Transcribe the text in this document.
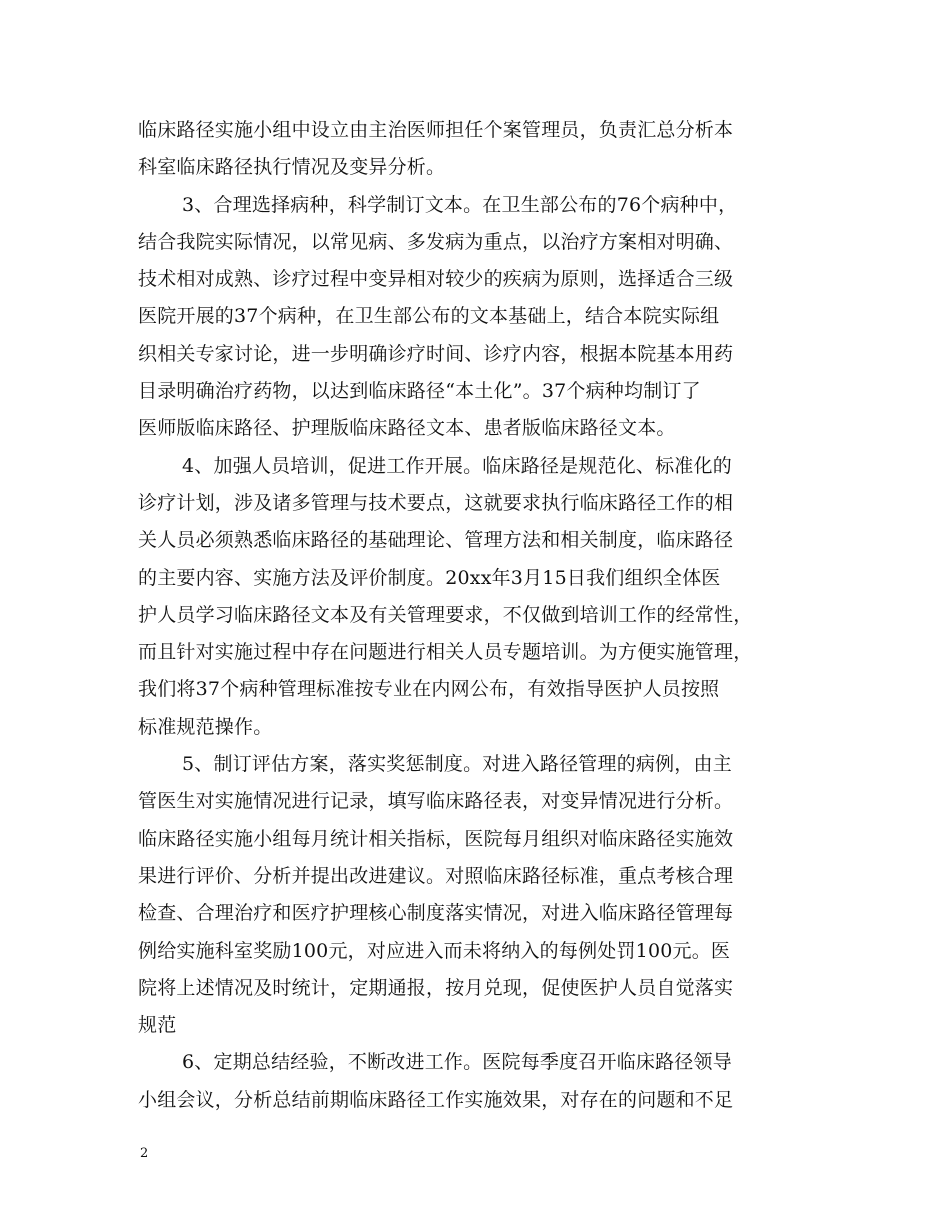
临床路径实施小组中设立由主治医师担任个案管理员，负责汇总分析本
科室临床路径执行情况及变异分析。
3、合理选择病种，科学制订文本。在卫生部公布的76个病种中，
结合我院实际情况，以常见病、多发病为重点，以治疗方案相对明确、
技术相对成熟、诊疗过程中变异相对较少的疾病为原则，选择适合三级
医院开展的37个病种，在卫生部公布的文本基础上，结合本院实际组
织相关专家讨论，进一步明确诊疗时间、诊疗内容，根据本院基本用药
目录明确治疗药物，以达到临床路径“本土化”。37个病种均制订了
医师版临床路径、护理版临床路径文本、患者版临床路径文本。
4、加强人员培训，促进工作开展。临床路径是规范化、标准化的
诊疗计划，涉及诸多管理与技术要点，这就要求执行临床路径工作的相
关人员必须熟悉临床路径的基础理论、管理方法和相关制度，临床路径
的主要内容、实施方法及评价制度。20xx年3月15日我们组织全体医
护人员学习临床路径文本及有关管理要求，不仅做到培训工作的经常性，
而且针对实施过程中存在问题进行相关人员专题培训。为方便实施管理，
我们将37个病种管理标准按专业在内网公布，有效指导医护人员按照
标准规范操作。
5、制订评估方案，落实奖惩制度。对进入路径管理的病例，由主
管医生对实施情况进行记录，填写临床路径表，对变异情况进行分析。
临床路径实施小组每月统计相关指标，医院每月组织对临床路径实施效
果进行评价、分析并提出改进建议。对照临床路径标准，重点考核合理
检查、合理治疗和医疗护理核心制度落实情况，对进入临床路径管理每
例给实施科室奖励100元，对应进入而未将纳入的每例处罚100元。医
院将上述情况及时统计，定期通报，按月兑现，促使医护人员自觉落实
规范
6、定期总结经验，不断改进工作。医院每季度召开临床路径领导
小组会议，分析总结前期临床路径工作实施效果，对存在的问题和不足
2
